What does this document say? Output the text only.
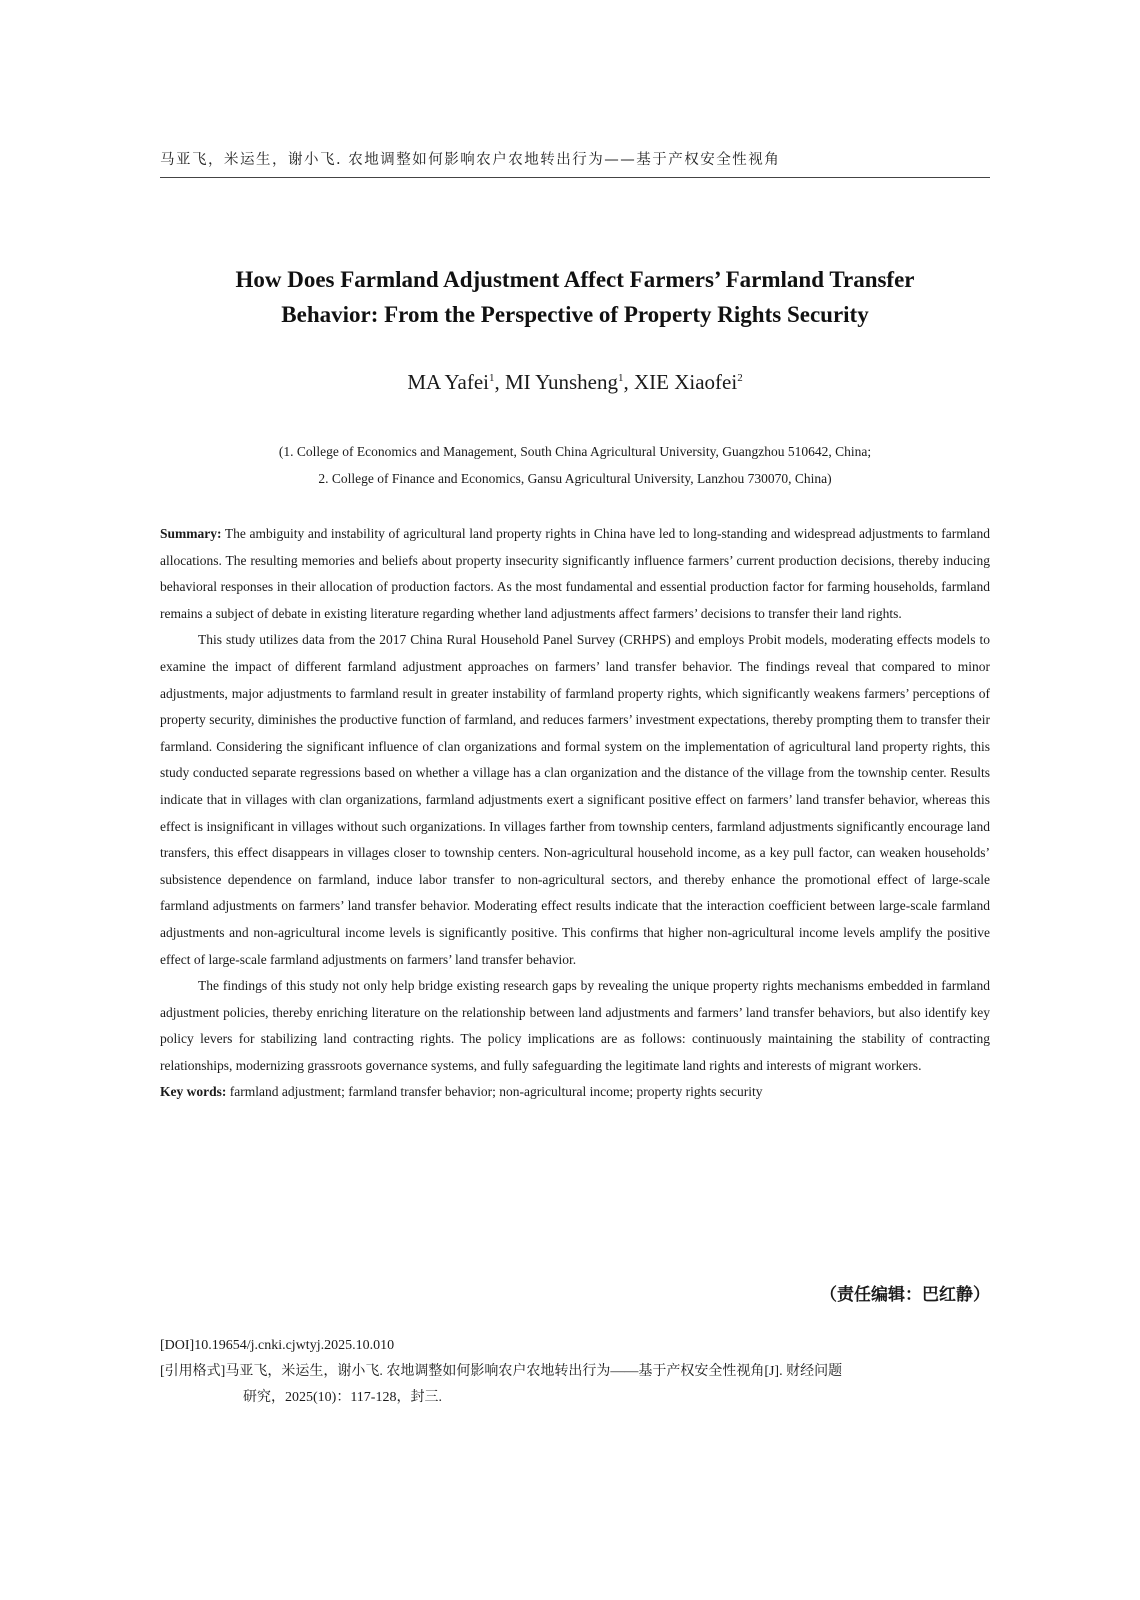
马亚飞，米运生，谢小飞. 农地调整如何影响农户农地转出行为——基于产权安全性视角
How Does Farmland Adjustment Affect Farmers’ Farmland Transfer
Behavior: From the Perspective of Property Rights Security
MA Yafei$^1$, MI Yunsheng$^1$, XIE Xiaofei$^2$
(1. College of Economics and Management, South China Agricultural University, Guangzhou 510642, China;
2. College of Finance and Economics, Gansu Agricultural University, Lanzhou 730070, China)

Summary: The ambiguity and instability of agricultural land property rights in China have led to long-standing and widespread adjustments to farmland allocations. The resulting memories and beliefs about property insecurity significantly influence farmers’ current production decisions, thereby inducing behavioral responses in their allocation of production factors. As the most fundamental and essential production factor for farming households, farmland remains a subject of debate in existing literature regarding whether land adjustments affect farmers’ decisions to transfer their land rights.

This study utilizes data from the 2017 China Rural Household Panel Survey (CRHPS) and employs Probit models, moderating effects models to examine the impact of different farmland adjustment approaches on farmers’ land transfer behavior. The findings reveal that compared to minor adjustments, major adjustments to farmland result in greater instability of farmland property rights, which significantly weakens farmers’ perceptions of property security, diminishes the productive function of farmland, and reduces farmers’ investment expectations, thereby prompting them to transfer their farmland. Considering the significant influence of clan organizations and formal system on the implementation of agricultural land property rights, this study conducted separate regressions based on whether a village has a clan organization and the distance of the village from the township center. Results indicate that in villages with clan organizations, farmland adjustments exert a significant positive effect on farmers’ land transfer behavior, whereas this effect is insignificant in villages without such organizations. In villages farther from township centers, farmland adjustments significantly encourage land transfers, this effect disappears in villages closer to township centers. Non-agricultural household income, as a key pull factor, can weaken households’ subsistence dependence on farmland, induce labor transfer to non-agricultural sectors, and thereby enhance the promotional effect of large-scale farmland adjustments on farmers’ land transfer behavior. Moderating effect results indicate that the interaction coefficient between large-scale farmland adjustments and non-agricultural income levels is significantly positive. This confirms that higher non-agricultural income levels amplify the positive effect of large-scale farmland adjustments on farmers’ land transfer behavior.

The findings of this study not only help bridge existing research gaps by revealing the unique property rights mechanisms embedded in farmland adjustment policies, thereby enriching literature on the relationship between land adjustments and farmers’ land transfer behaviors, but also identify key policy levers for stabilizing land contracting rights. The policy implications are as follows: continuously maintaining the stability of contracting relationships, modernizing grassroots governance systems, and fully safeguarding the legitimate land rights and interests of migrant workers.

Key words: farmland adjustment; farmland transfer behavior; non-agricultural income; property rights security

（责任编辑：巴红静）
[DOI]10.19654/j.cnki.cjwtyj.2025.10.010
[引用格式]马亚飞，米运生，谢小飞. 农地调整如何影响农户农地转出行为——基于产权安全性视角[J]. 财经问题
研究，2025(10)：117-128，封三.
